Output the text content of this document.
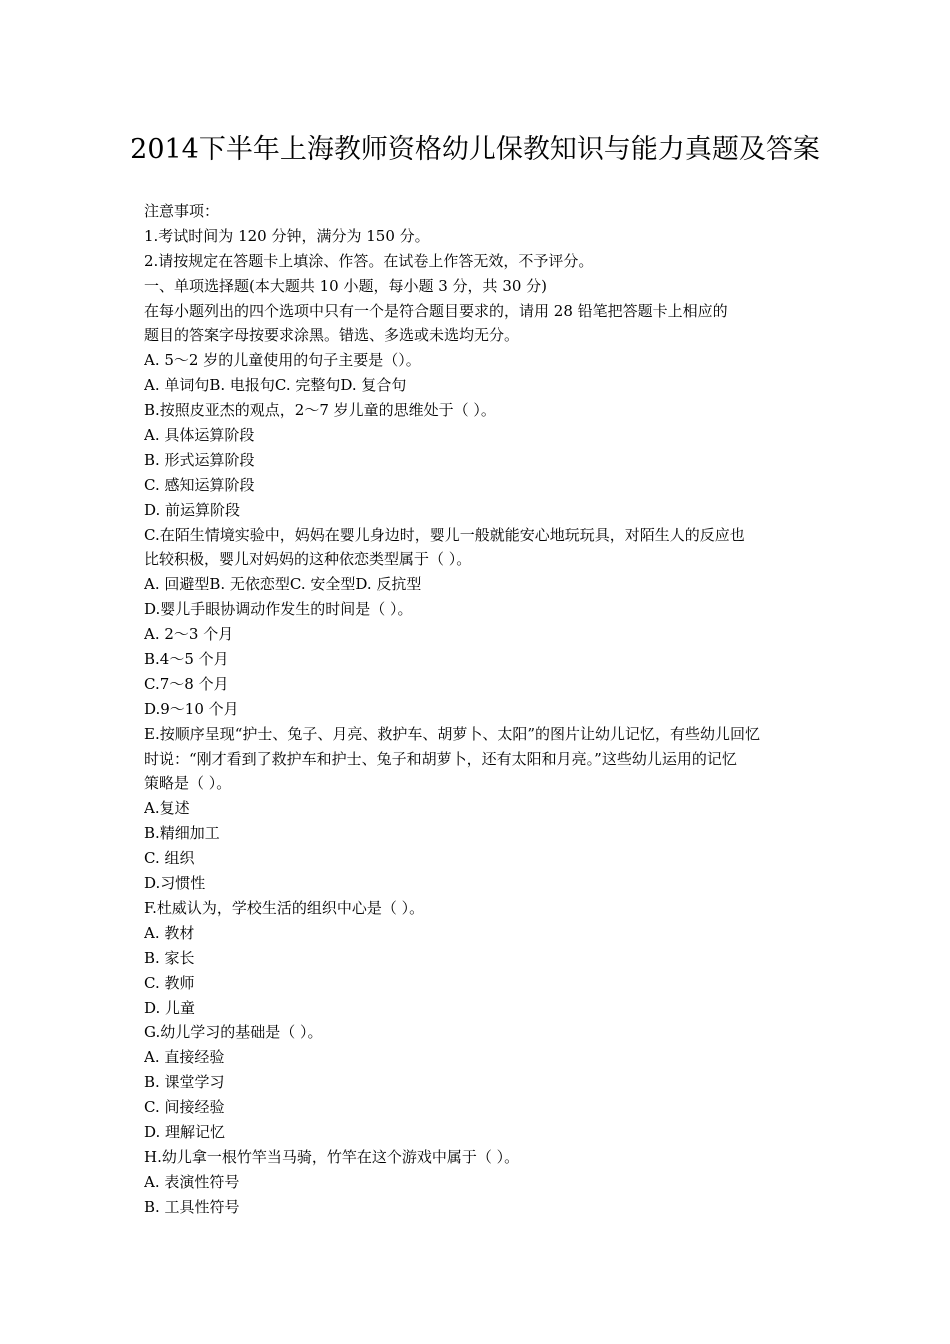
2014下半年上海教师资格幼儿保教知识与能力真题及答案
注意事项：
1.考试时间为 120 分钟，满分为 150 分。
2.请按规定在答题卡上填涂、作答。在试卷上作答无效，不予评分。
一、单项选择题(本大题共 10 小题，每小题 3 分，共 30 分)
在每小题列出的四个选项中只有一个是符合题目要求的，请用 28 铅笔把答题卡上相应的
题目的答案字母按要求涂黑。错选、多选或未选均无分。
A. 5～2 岁的儿童使用的句子主要是（）。
A. 单词句B. 电报句C. 完整句D. 复合句
B.按照皮亚杰的观点，2～7 岁儿童的思维处于（ ）。
A. 具体运算阶段
B. 形式运算阶段
C. 感知运算阶段
D. 前运算阶段
C.在陌生情境实验中，妈妈在婴儿身边时，婴儿一般就能安心地玩玩具，对陌生人的反应也
比较积极，婴儿对妈妈的这种依恋类型属于（ ）。
A. 回避型B. 无依恋型C. 安全型D. 反抗型
D.婴儿手眼协调动作发生的时间是（ ）。
A. 2～3 个月
B.4～5 个月
C.7～8 个月
D.9～10 个月
E.按顺序呈现“护士、兔子、月亮、救护车、胡萝卜、太阳”的图片让幼儿记忆，有些幼儿回忆
时说：“刚才看到了救护车和护士、兔子和胡萝卜，还有太阳和月亮。”这些幼儿运用的记忆
策略是（ ）。
A.复述
B.精细加工
C. 组织
D.习惯性
F.杜威认为，学校生活的组织中心是（ ）。
A. 教材
B. 家长
C. 教师
D. 儿童
G.幼儿学习的基础是（ ）。
A. 直接经验
B. 课堂学习
C. 间接经验
D. 理解记忆
H.幼儿拿一根竹竿当马骑，竹竿在这个游戏中属于（ ）。
A. 表演性符号
B. 工具性符号
